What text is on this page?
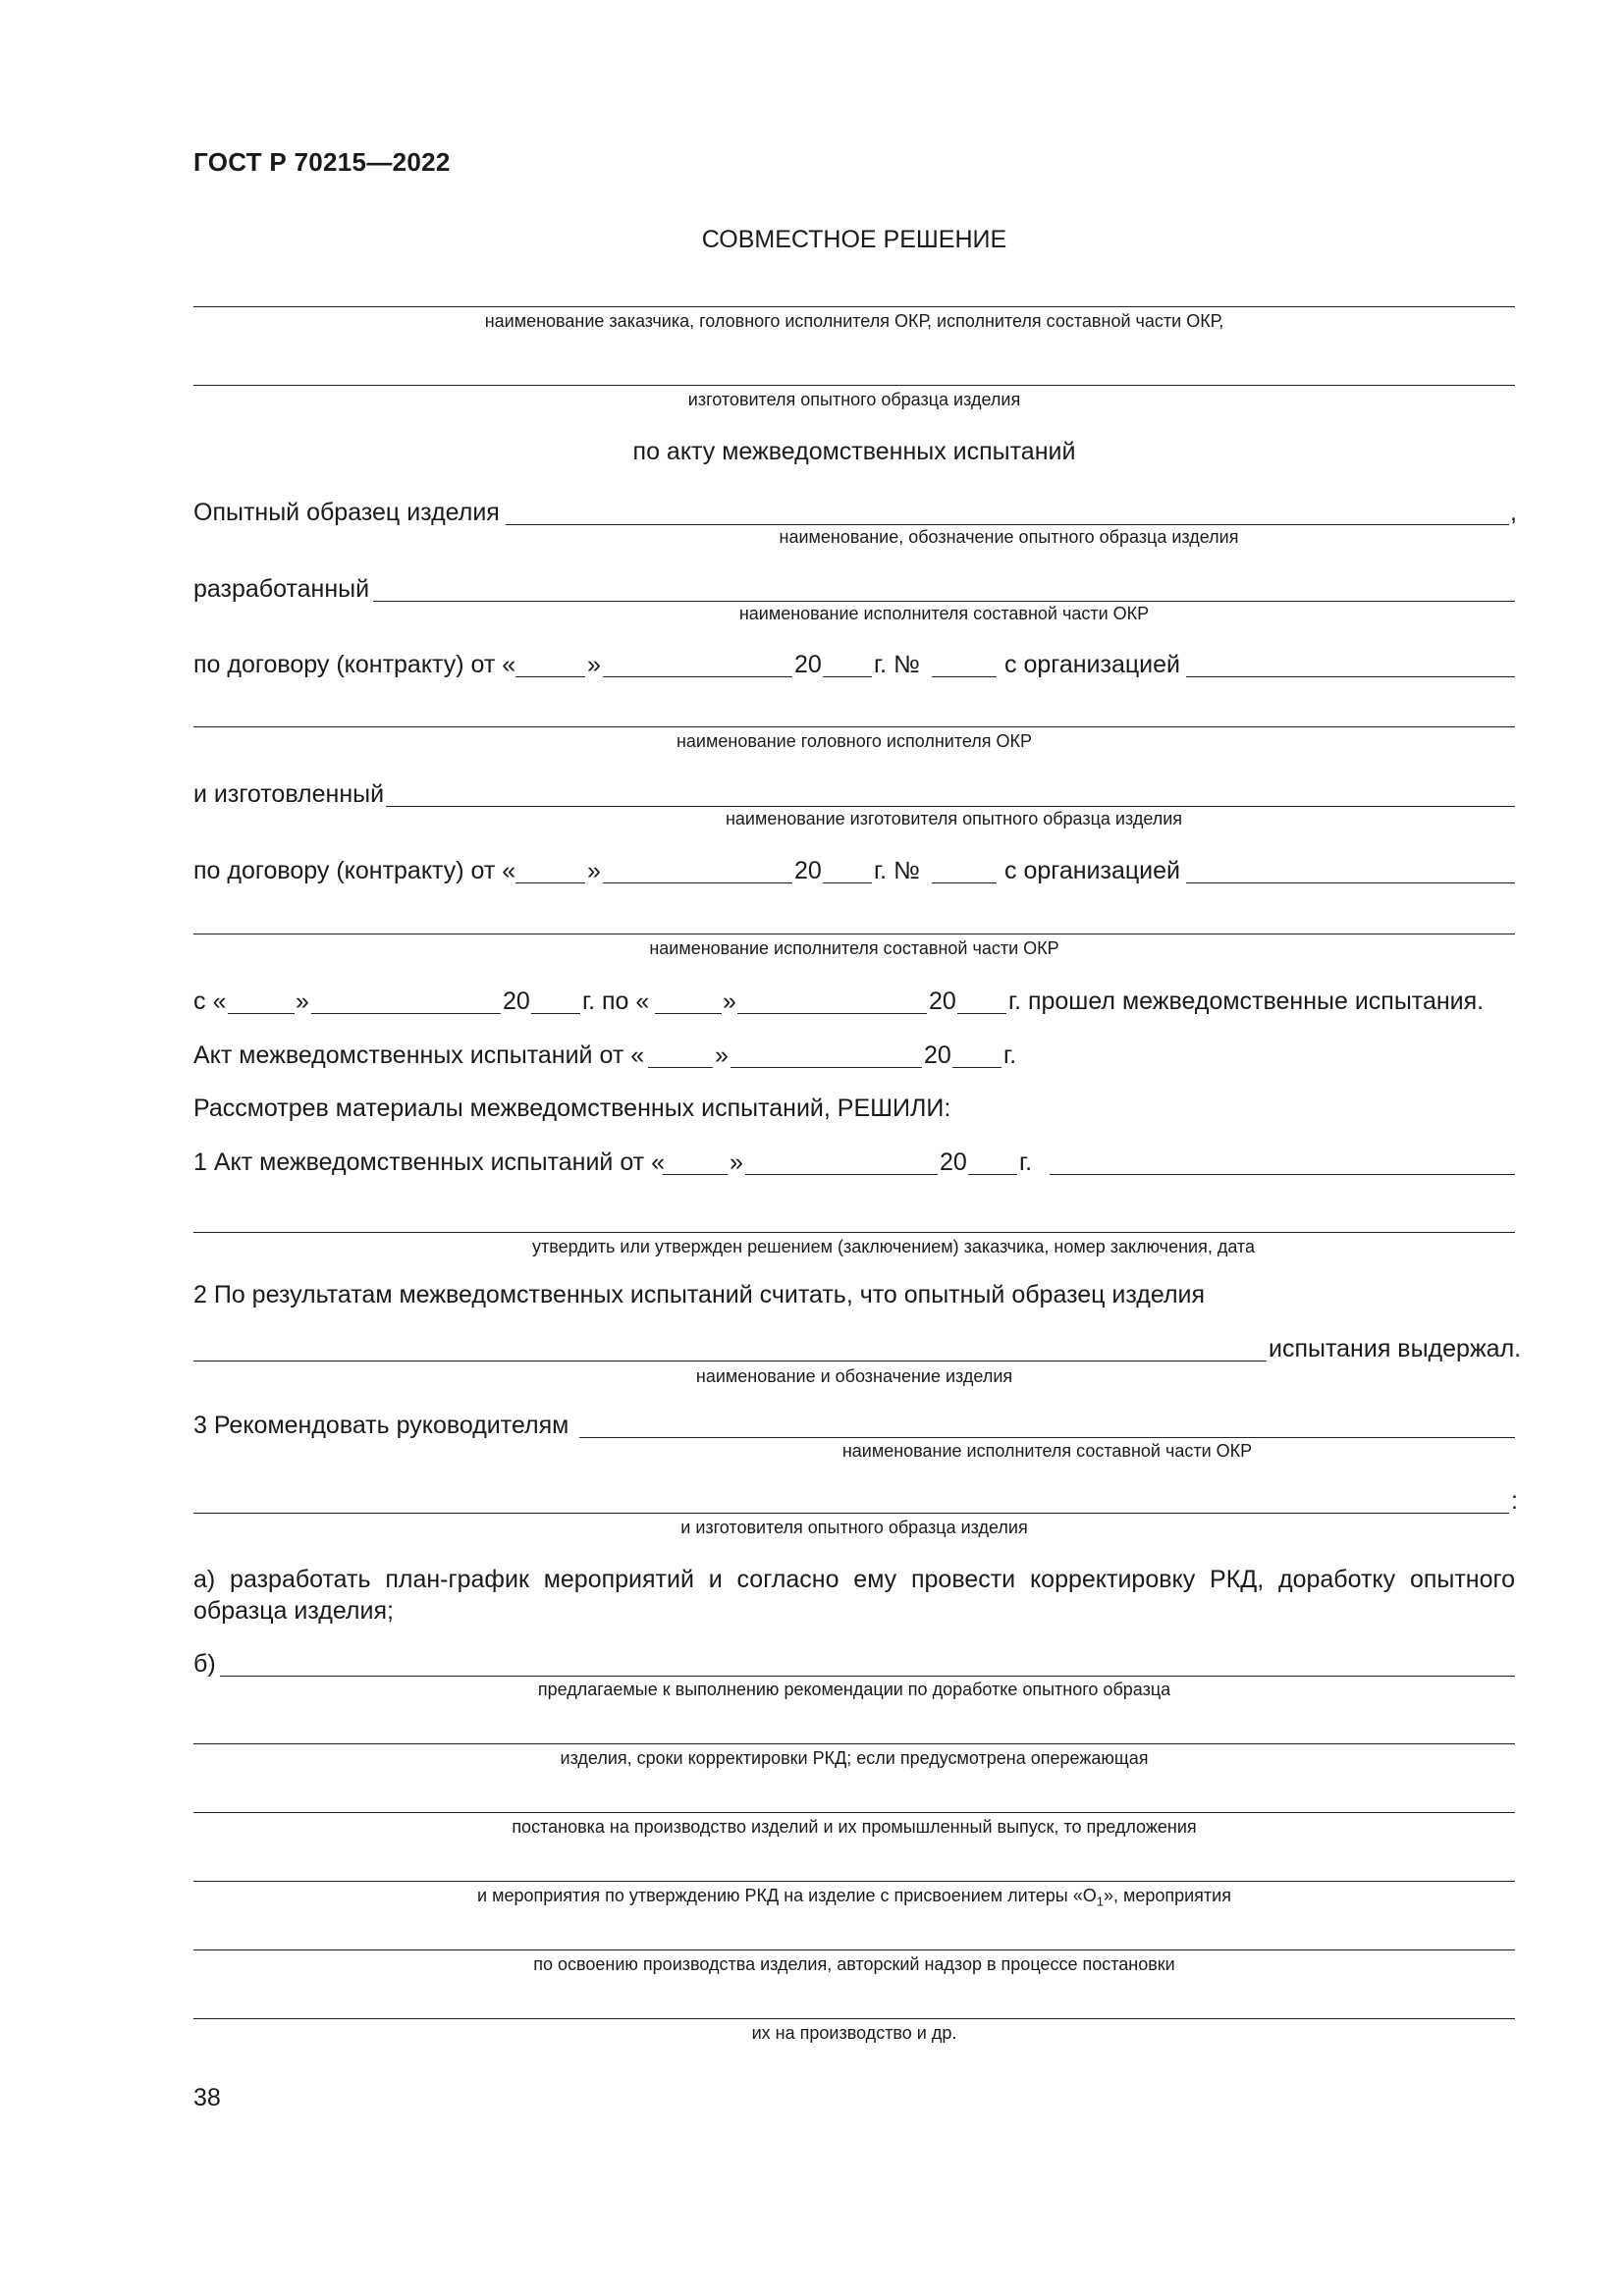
ГОСТ Р 70215—2022
СОВМЕСТНОЕ РЕШЕНИЕ
наименование заказчика, головного исполнителя ОКР, исполнителя составной части ОКР,
изготовителя опытного образца изделия
по акту межведомственных испытаний
Опытный образец изделия	,
наименование, обозначение опытного образца изделия
разработанный
наименование исполнителя составной части ОКР
по договору (контракту) от «	»	20 г. №	с организацией
наименование головного исполнителя ОКР
и изготовленный
наименование изготовителя опытного образца изделия
по договору (контракту) от «	»	20 г. №	с организацией
наименование исполнителя составной части ОКР
с «	»	20 г. по «	»	20 г. прошел межведомственные испытания.
Акт межведомственных испытаний от «	»	20 г.
Рассмотрев материалы межведомственных испытаний, РЕШИЛИ:
1 Акт межведомственных испытаний от «	»	20 г.
утвердить или утвержден решением (заключением) заказчика, номер заключения, дата
2 По результатам межведомственных испытаний считать, что опытный образец изделия
испытания выдержал.
наименование и обозначение изделия
3 Рекомендовать руководителям
наименование исполнителя составной части ОКР
:
и изготовителя опытного образца изделия
а) разработать план-график мероприятий и согласно ему провести корректировку РКД, доработку опытного образца изделия;
б)
предлагаемые к выполнению рекомендации по доработке опытного образца
изделия, сроки корректировки РКД; если предусмотрена опережающая
постановка на производство изделий и их промышленный выпуск, то предложения
и мероприятия по утверждению РКД на изделие с присвоением литеры «$О_1$», мероприятия
по освоению производства изделия, авторский надзор в процессе постановки
их на производство и др.
38
